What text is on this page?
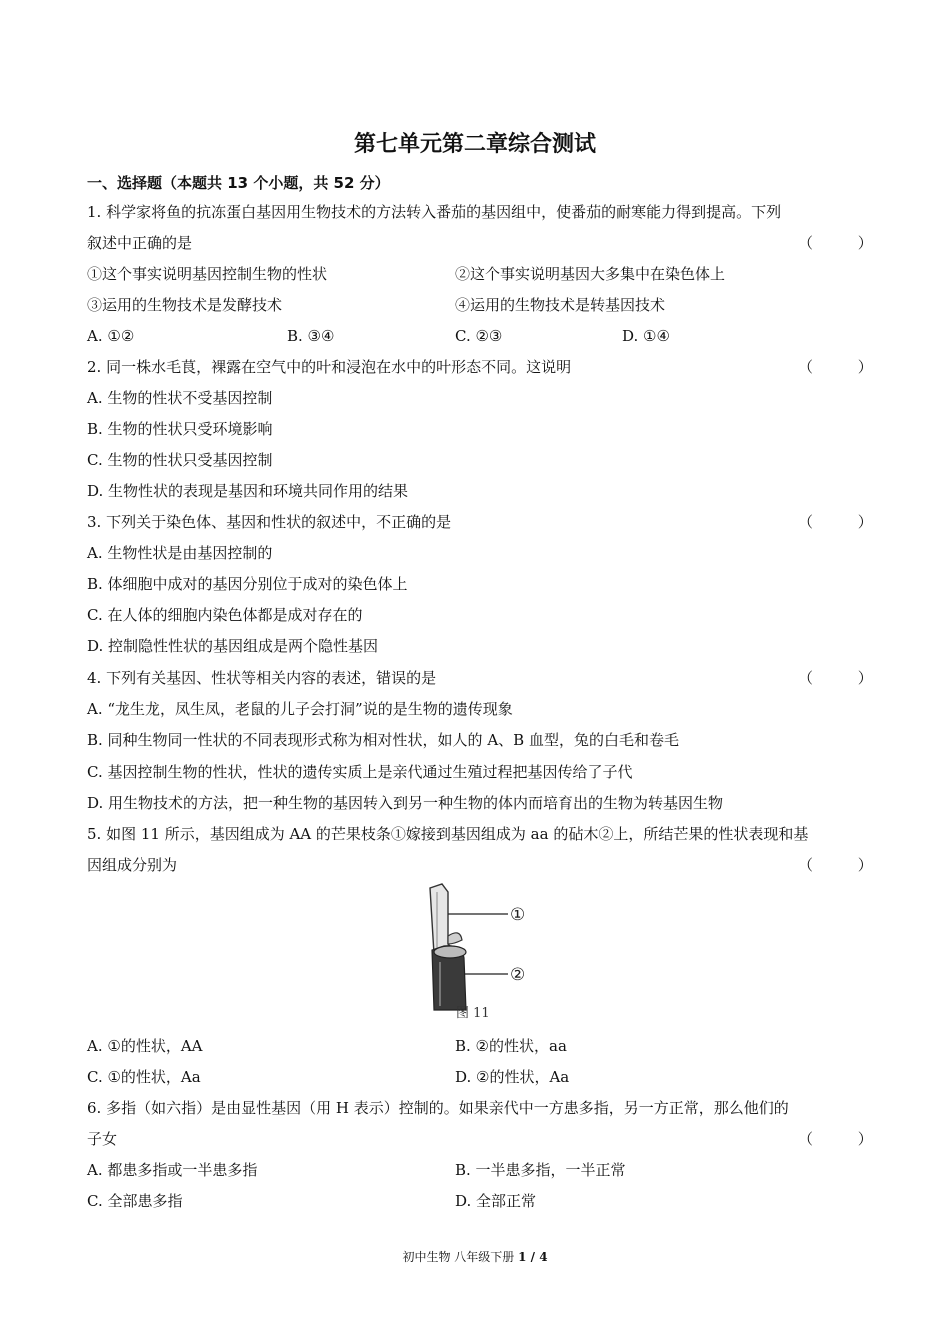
第七单元第二章综合测试
一、选择题（本题共 13 个小题，共 52 分）
1. 科学家将鱼的抗冻蛋白基因用生物技术的方法转入番茄的基因组中，使番茄的耐寒能力得到提高。下列
叙述中正确的是	（ ）
①这个事实说明基因控制生物的性状	②这个事实说明基因大多集中在染色体上
③运用的生物技术是发酵技术	④运用的生物技术是转基因技术
A. ①②	B. ③④	C. ②③	D. ①④
2. 同一株水毛茛，裸露在空气中的叶和浸泡在水中的叶形态不同。这说明	（ ）
A. 生物的性状不受基因控制
B. 生物的性状只受环境影响
C. 生物的性状只受基因控制
D. 生物性状的表现是基因和环境共同作用的结果
3. 下列关于染色体、基因和性状的叙述中，不正确的是	（ ）
A. 生物性状是由基因控制的
B. 体细胞中成对的基因分别位于成对的染色体上
C. 在人体的细胞内染色体都是成对存在的
D. 控制隐性性状的基因组成是两个隐性基因
4. 下列有关基因、性状等相关内容的表述，错误的是	（ ）
A. “龙生龙，凤生凤，老鼠的儿子会打洞”说的是生物的遗传现象
B. 同种生物同一性状的不同表现形式称为相对性状，如人的 A、B 血型，兔的白毛和卷毛
C. 基因控制生物的性状，性状的遗传实质上是亲代通过生殖过程把基因传给了子代
D. 用生物技术的方法，把一种生物的基因转入到另一种生物的体内而培育出的生物为转基因生物
5. 如图 11 所示，基因组成为 AA 的芒果枝条①嫁接到基因组成为 aa 的砧木②上，所结芒果的性状表现和基
因组成分别为	（ ）
①
②
图 11
A. ①的性状，AA	B. ②的性状，aa
C. ①的性状，Aa	D. ②的性状，Aa
6. 多指（如六指）是由显性基因（用 H 表示）控制的。如果亲代中一方患多指，另一方正常，那么他们的
子女	（ ）
A. 都患多指或一半患多指	B. 一半患多指，一半正常
C. 全部患多指	D. 全部正常
初中生物 八年级下册 1 / 4
